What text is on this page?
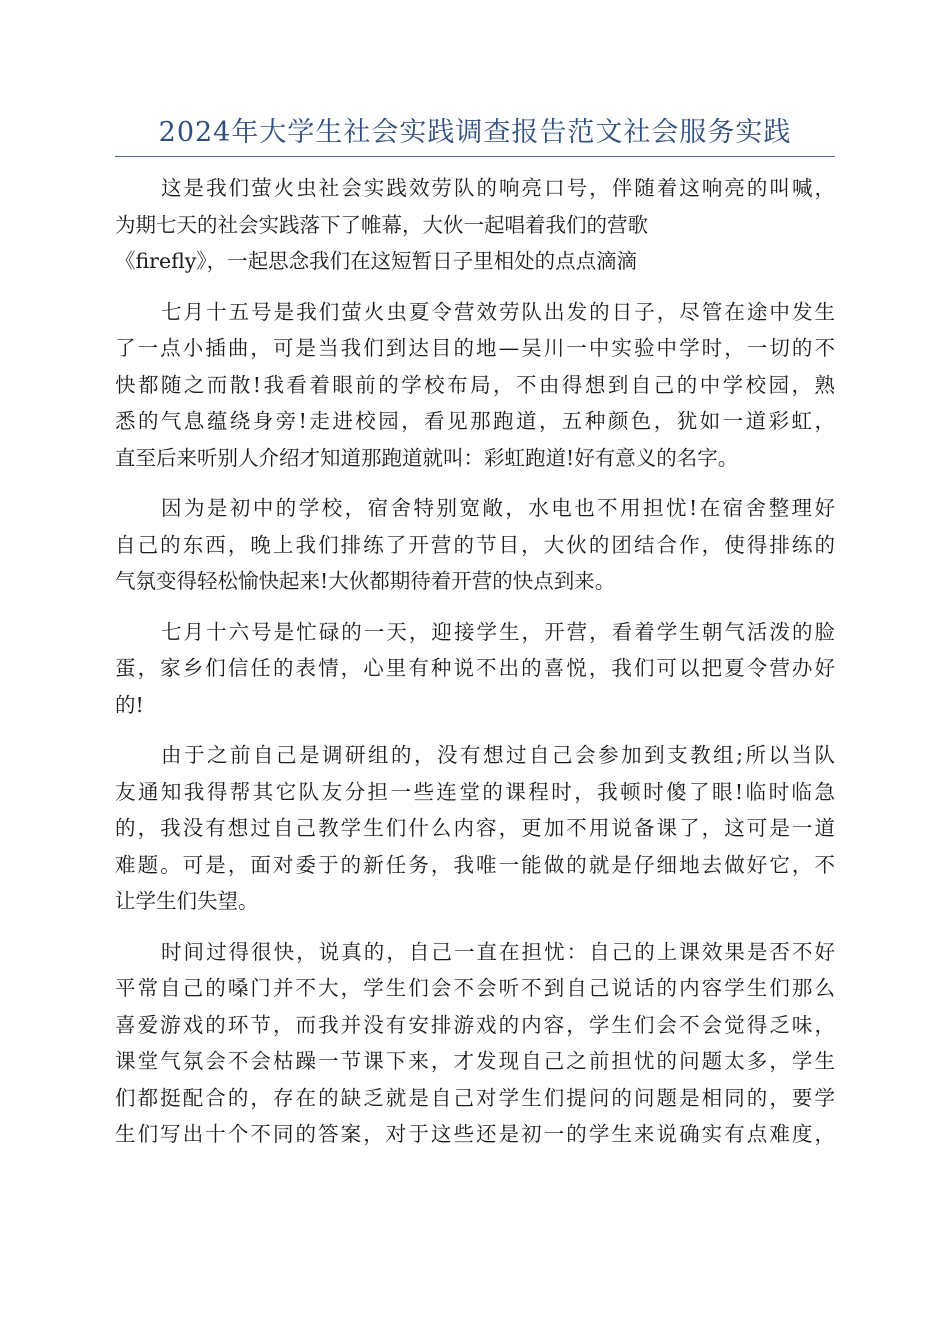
2024年大学生社会实践调查报告范文社会服务实践
这是我们萤火虫社会实践效劳队的响亮口号，伴随着这响亮的叫喊，
为期七天的社会实践落下了帷幕，大伙一起唱着我们的营歌
《firefly》，一起思念我们在这短暂日子里相处的点点滴滴
七月十五号是我们萤火虫夏令营效劳队出发的日子，尽管在途中发生
了一点小插曲，可是当我们到达目的地—吴川一中实验中学时，一切的不
快都随之而散!我看着眼前的学校布局，不由得想到自己的中学校园，熟
悉的气息蕴绕身旁!走进校园，看见那跑道，五种颜色，犹如一道彩虹，
直至后来听别人介绍才知道那跑道就叫：彩虹跑道!好有意义的名字。
因为是初中的学校，宿舍特别宽敞，水电也不用担忧!在宿舍整理好
自己的东西，晚上我们排练了开营的节目，大伙的团结合作，使得排练的
气氛变得轻松愉快起来!大伙都期待着开营的快点到来。
七月十六号是忙碌的一天，迎接学生，开营，看着学生朝气活泼的脸
蛋，家乡们信任的表情，心里有种说不出的喜悦，我们可以把夏令营办好
的!
由于之前自己是调研组的，没有想过自己会参加到支教组;所以当队
友通知我得帮其它队友分担一些连堂的课程时，我顿时傻了眼!临时临急
的，我没有想过自己教学生们什么内容，更加不用说备课了，这可是一道
难题。可是，面对委于的新任务，我唯一能做的就是仔细地去做好它，不
让学生们失望。
时间过得很快，说真的，自己一直在担忧：自己的上课效果是否不好
平常自己的嗓门并不大，学生们会不会听不到自己说话的内容学生们那么
喜爱游戏的环节，而我并没有安排游戏的内容，学生们会不会觉得乏味，
课堂气氛会不会枯躁一节课下来，才发现自己之前担忧的问题太多，学生
们都挺配合的，存在的缺乏就是自己对学生们提问的问题是相同的，要学
生们写出十个不同的答案，对于这些还是初一的学生来说确实有点难度，
